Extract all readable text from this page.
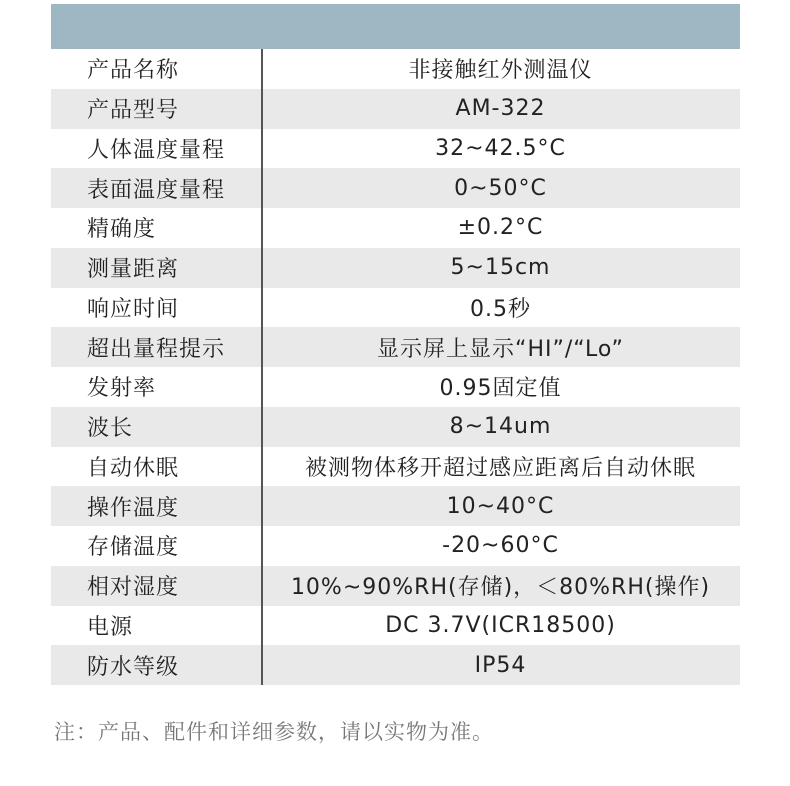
产品名称	非接触红外测温仪
产品型号	AM-322
人体温度量程	32~42.5°C
表面温度量程	0~50°C
精确度	±0.2°C
测量距离	5~15cm
响应时间	0.5秒
超出量程提示	显示屏上显示“HI”/“Lo”
发射率	0.95固定值
波长	8~14um
自动休眠	被测物体移开超过感应距离后自动休眠
操作温度	10~40°C
存储温度	-20~60°C
相对湿度	10%~90%RH(存储)，＜80%RH(操作)
电源	DC 3.7V(ICR18500)
防水等级	IP54
注：产品、配件和详细参数，请以实物为准。
